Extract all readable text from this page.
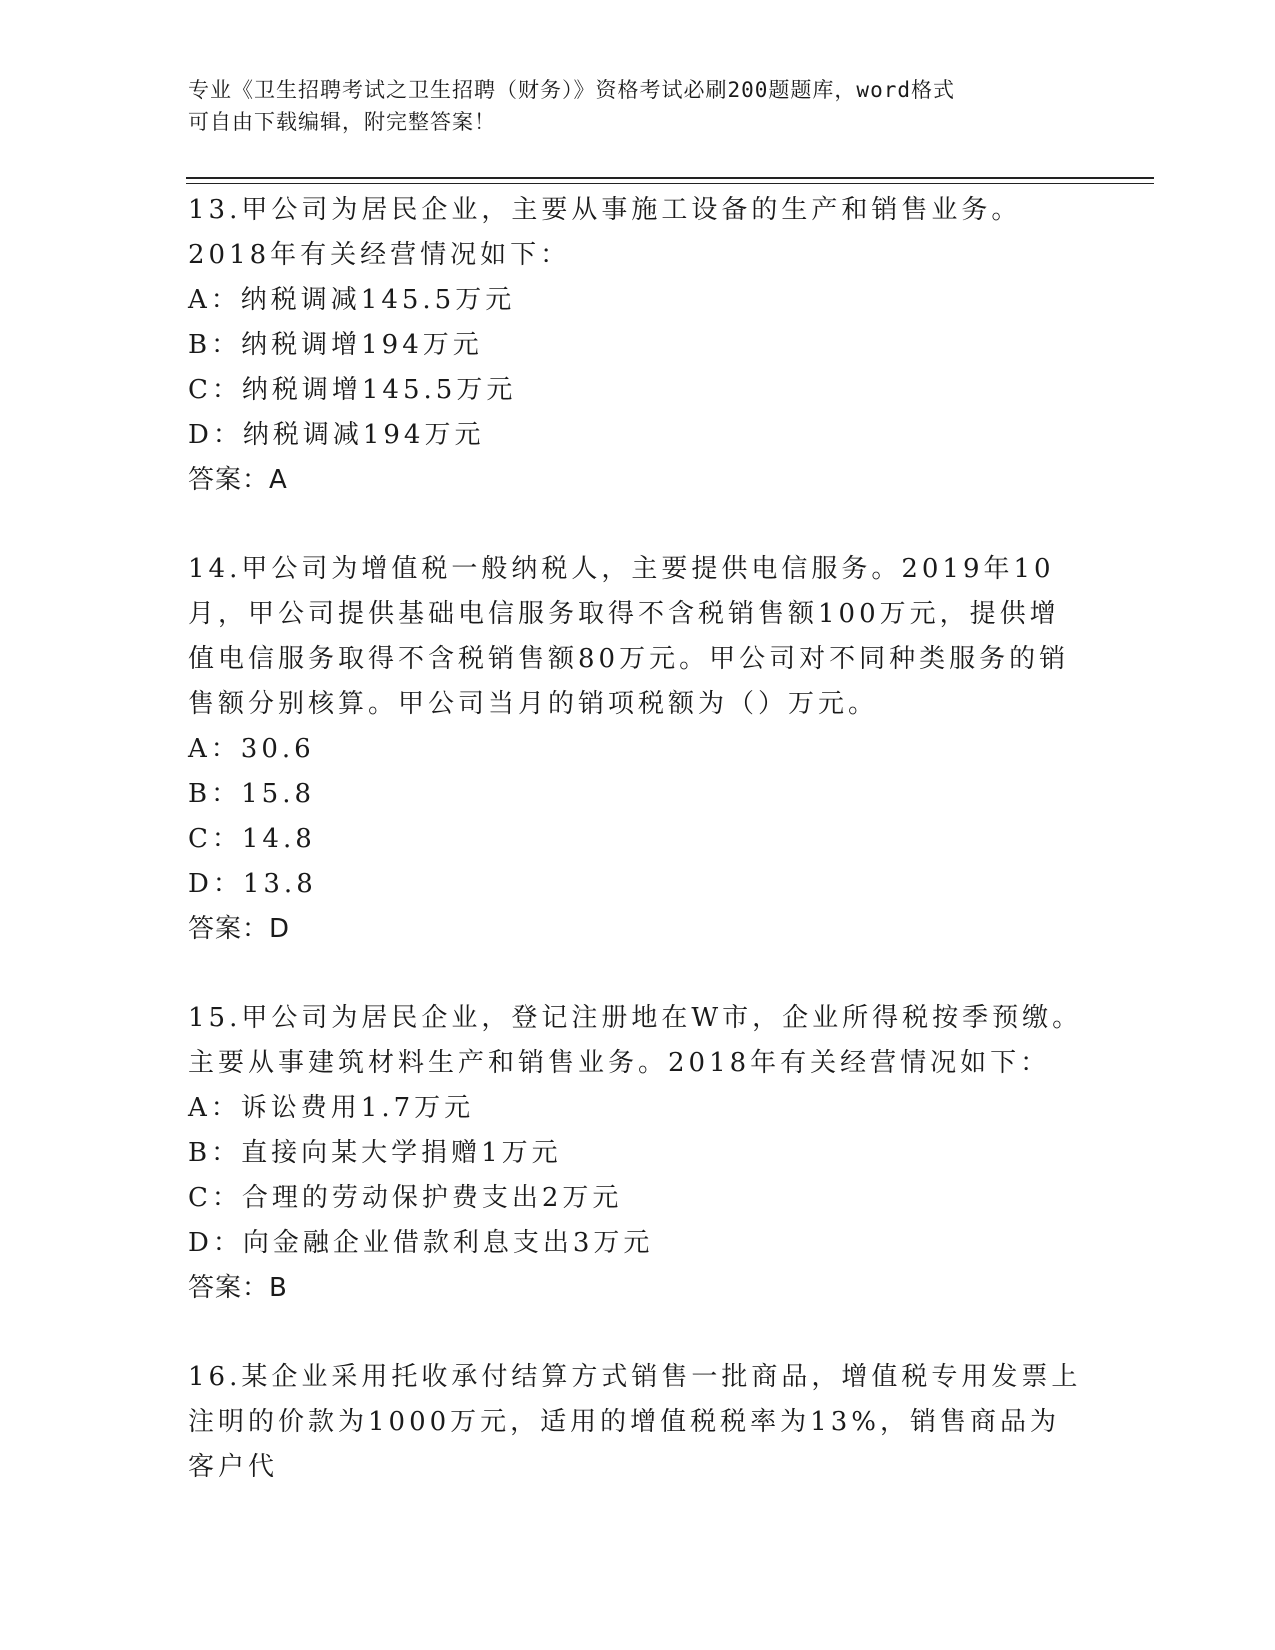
专业《卫生招聘考试之卫生招聘（财务）》资格考试必刷200题题库，word格式
可自由下载编辑，附完整答案！

13.甲公司为居民企业，主要从事施工设备的生产和销售业务。2018年有关经营情况如下：

A：纳税调减145.5万元
B：纳税调增194万元
C：纳税调增145.5万元
D：纳税调减194万元
答案：A

14.甲公司为增值税一般纳税人，主要提供电信服务。2019年10月，甲公司提供基础电信服务取得不含税销售额100万元，提供增值电信服务取得不含税销售额80万元。甲公司对不同种类服务的销售额分别核算。甲公司当月的销项税额为（）万元。

A：30.6
B：15.8
C：14.8
D：13.8
答案：D

15.甲公司为居民企业，登记注册地在W市，企业所得税按季预缴。主要从事建筑材料生产和销售业务。2018年有关经营情况如下：

A：诉讼费用1.7万元
B：直接向某大学捐赠1万元
C：合理的劳动保护费支出2万元
D：向金融企业借款利息支出3万元
答案：B

16.某企业采用托收承付结算方式销售一批商品，增值税专用发票上注明的价款为1000万元，适用的增值税税率为13%，销售商品为客户代
